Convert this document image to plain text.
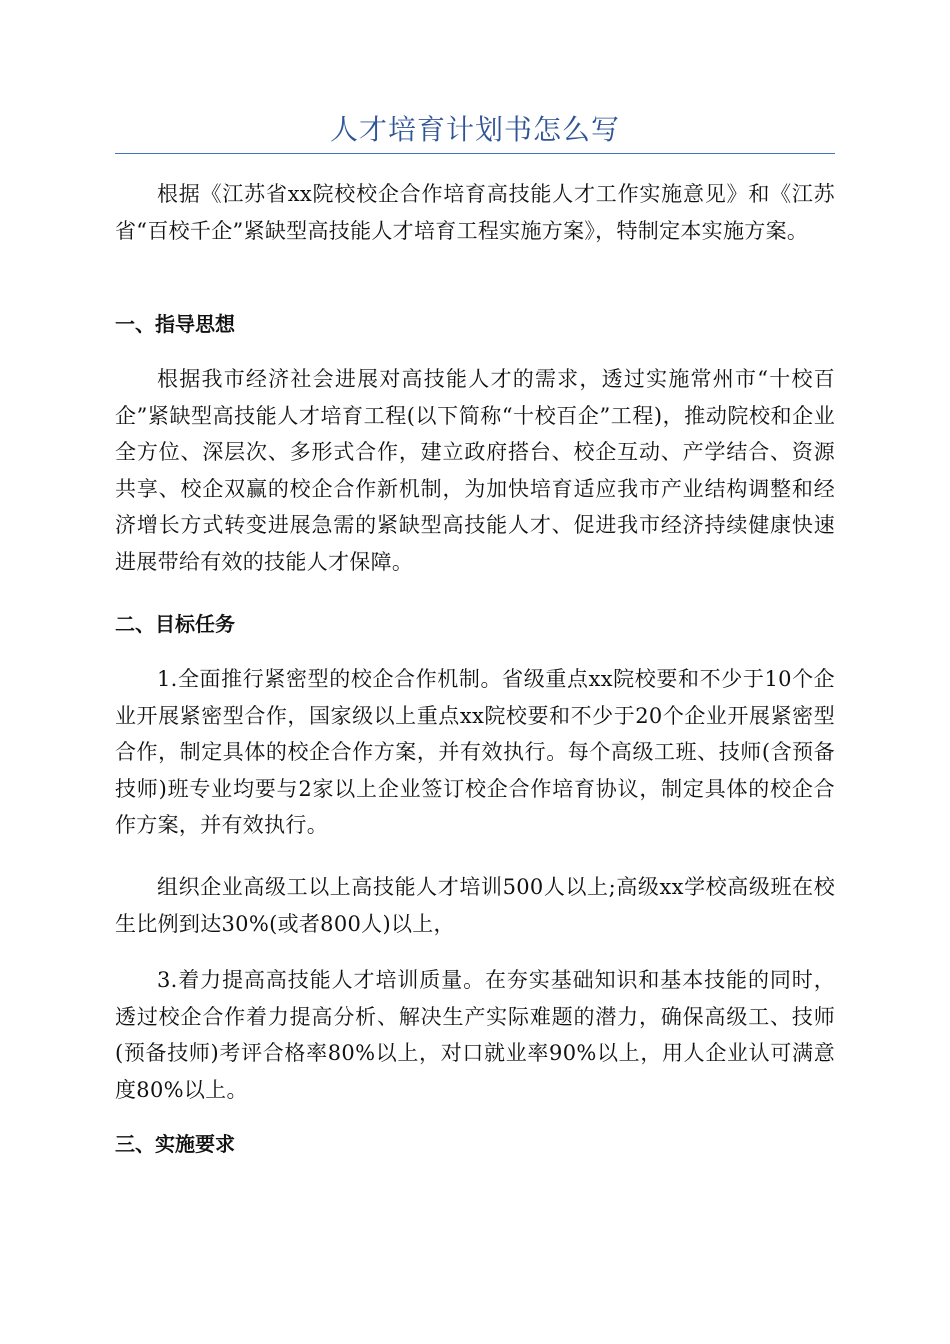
人才培育计划书怎么写

根据《江苏省xx院校校企合作培育高技能人才工作实施意见》和《江苏省“百校千企”紧缺型高技能人才培育工程实施方案》，特制定本实施方案。

一、指导思想

根据我市经济社会进展对高技能人才的需求，透过实施常州市“十校百企”紧缺型高技能人才培育工程(以下简称“十校百企”工程)，推动院校和企业全方位、深层次、多形式合作，建立政府搭台、校企互动、产学结合、资源共享、校企双赢的校企合作新机制，为加快培育适应我市产业结构调整和经济增长方式转变进展急需的紧缺型高技能人才、促进我市经济持续健康快速进展带给有效的技能人才保障。

二、目标任务

1.全面推行紧密型的校企合作机制。省级重点xx院校要和不少于10个企业开展紧密型合作，国家级以上重点xx院校要和不少于20个企业开展紧密型合作，制定具体的校企合作方案，并有效执行。每个高级工班、技师(含预备技师)班专业均要与2家以上企业签订校企合作培育协议，制定具体的校企合作方案，并有效执行。

组织企业高级工以上高技能人才培训500人以上;高级xx学校高级班在校生比例到达30%(或者800人)以上，

3.着力提高高技能人才培训质量。在夯实基础知识和基本技能的同时，透过校企合作着力提高分析、解决生产实际难题的潜力，确保高级工、技师(预备技师)考评合格率80%以上，对口就业率90%以上，用人企业认可满意度80%以上。

三、实施要求
